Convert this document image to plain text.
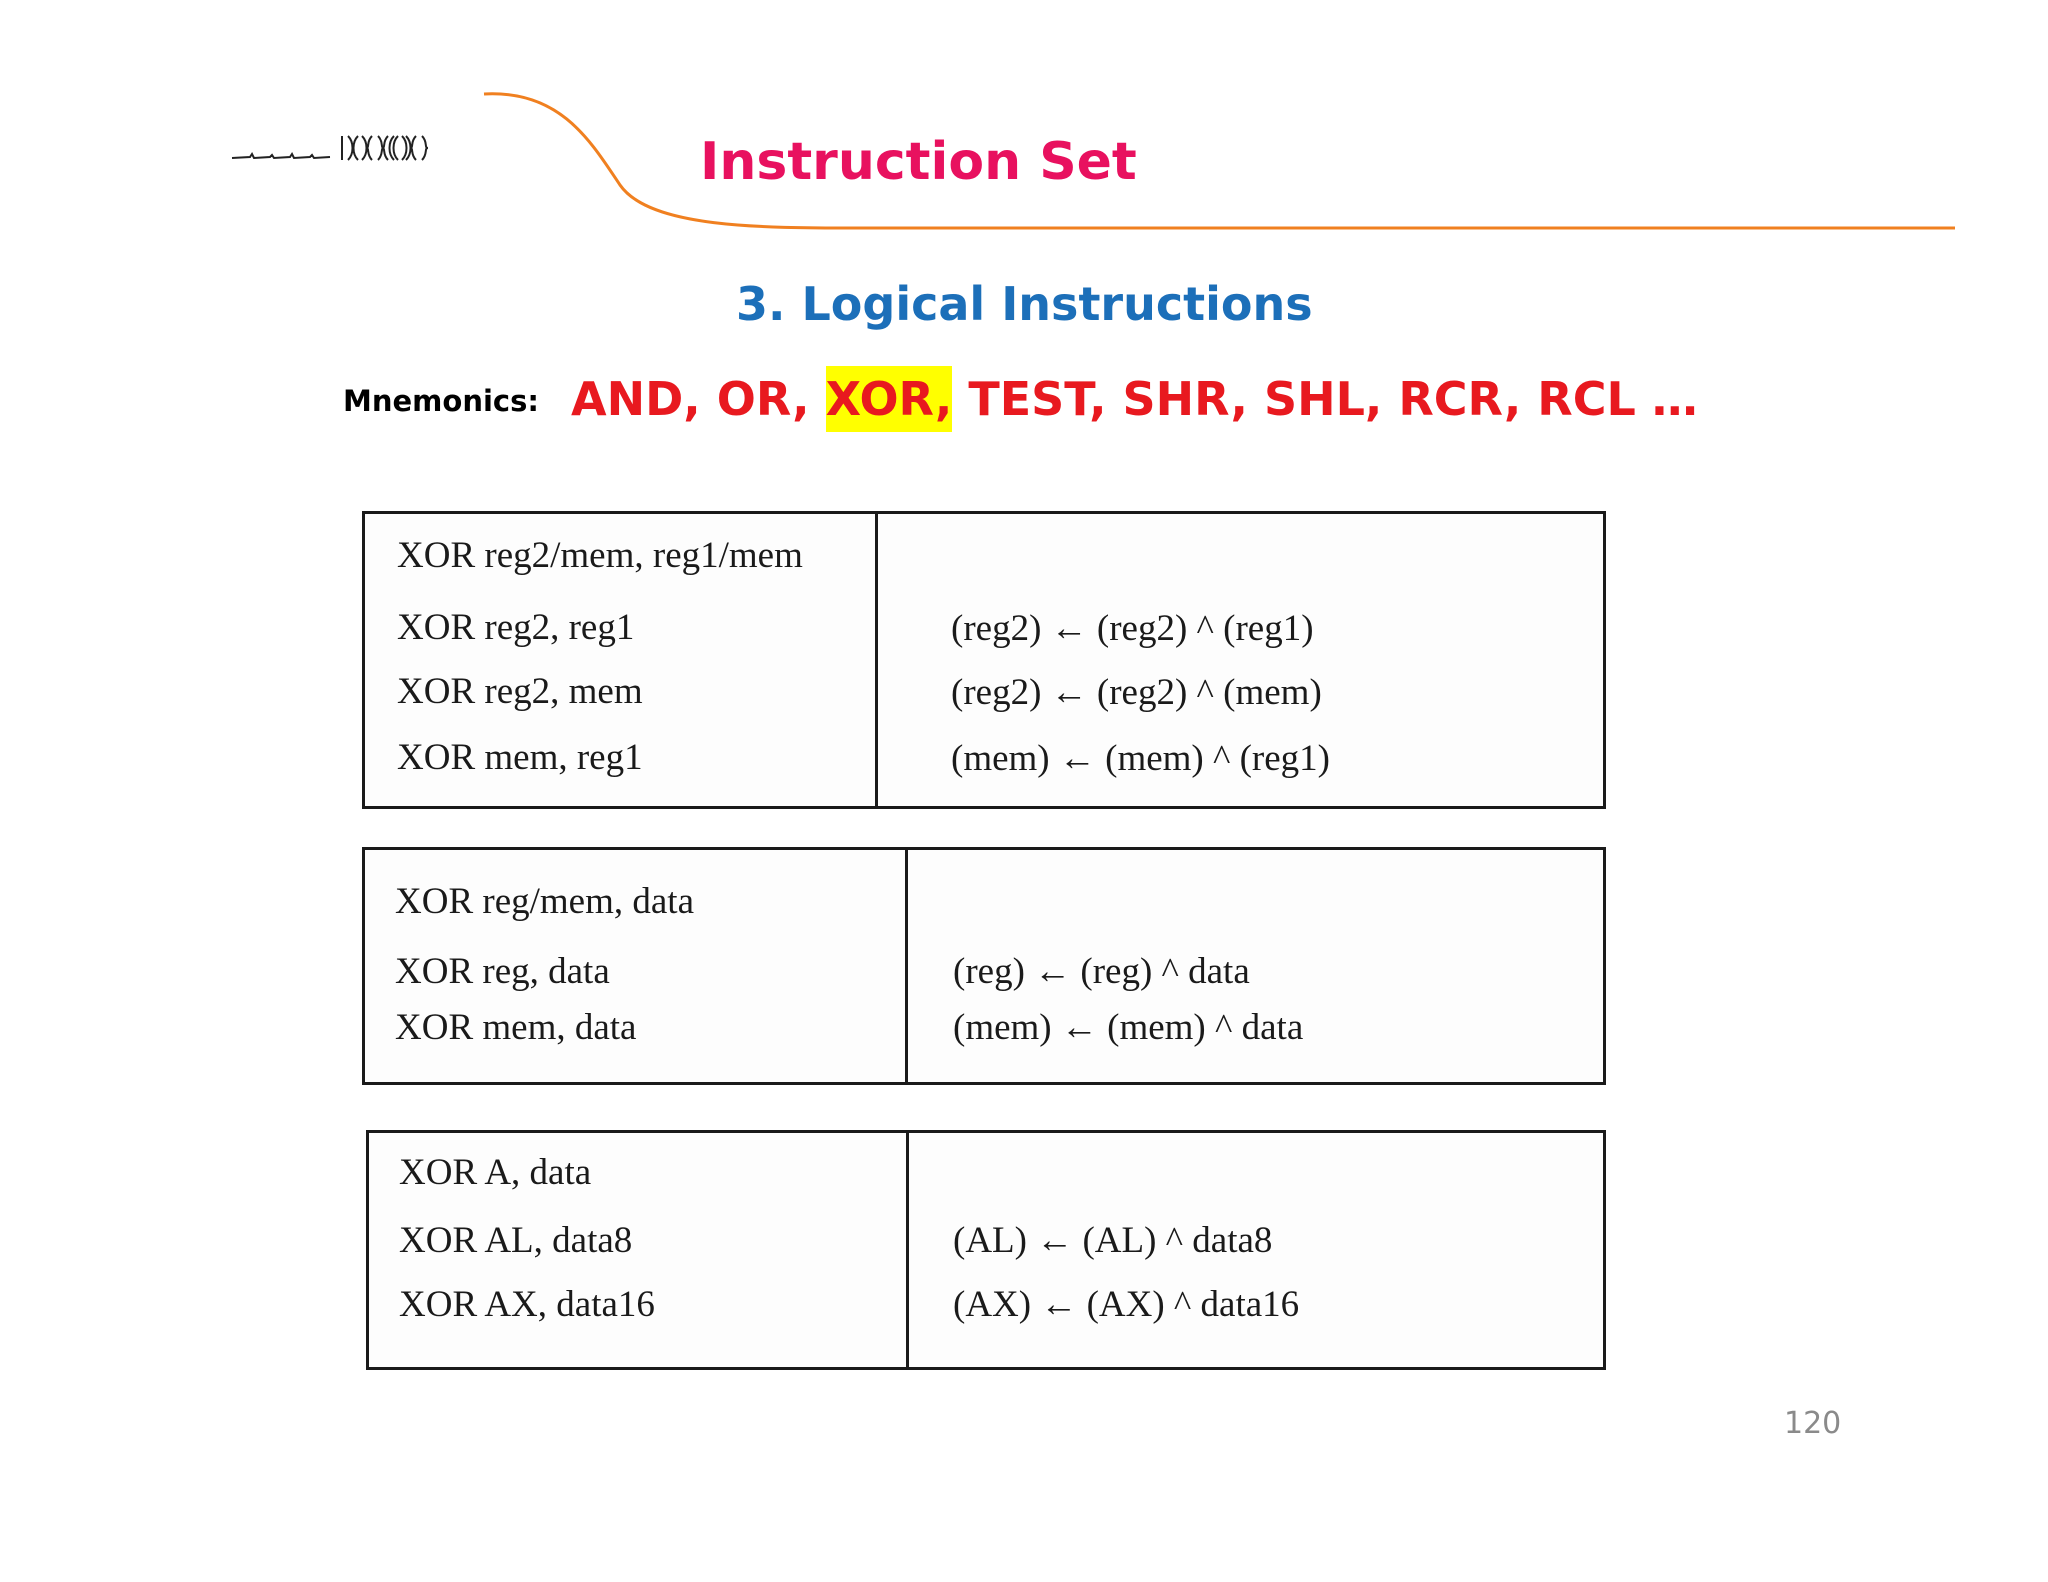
Instruction Set
3. Logical Instructions
Mnemonics: AND, OR, XOR, TEST, SHR, SHL, RCR, RCL …
XOR reg2/mem, reg1/mem
XOR reg2, reg1
XOR reg2, mem
XOR mem, reg1
(reg2) ← (reg2) ^ (reg1)
(reg2) ← (reg2) ^ (mem)
(mem) ← (mem) ^ (reg1)
XOR reg/mem, data
XOR reg, data
XOR mem, data
(reg) ← (reg) ^ data
(mem) ← (mem) ^ data
XOR A, data
XOR AL, data8
XOR AX, data16
(AL) ← (AL) ^ data8
(AX) ← (AX) ^ data16
120
